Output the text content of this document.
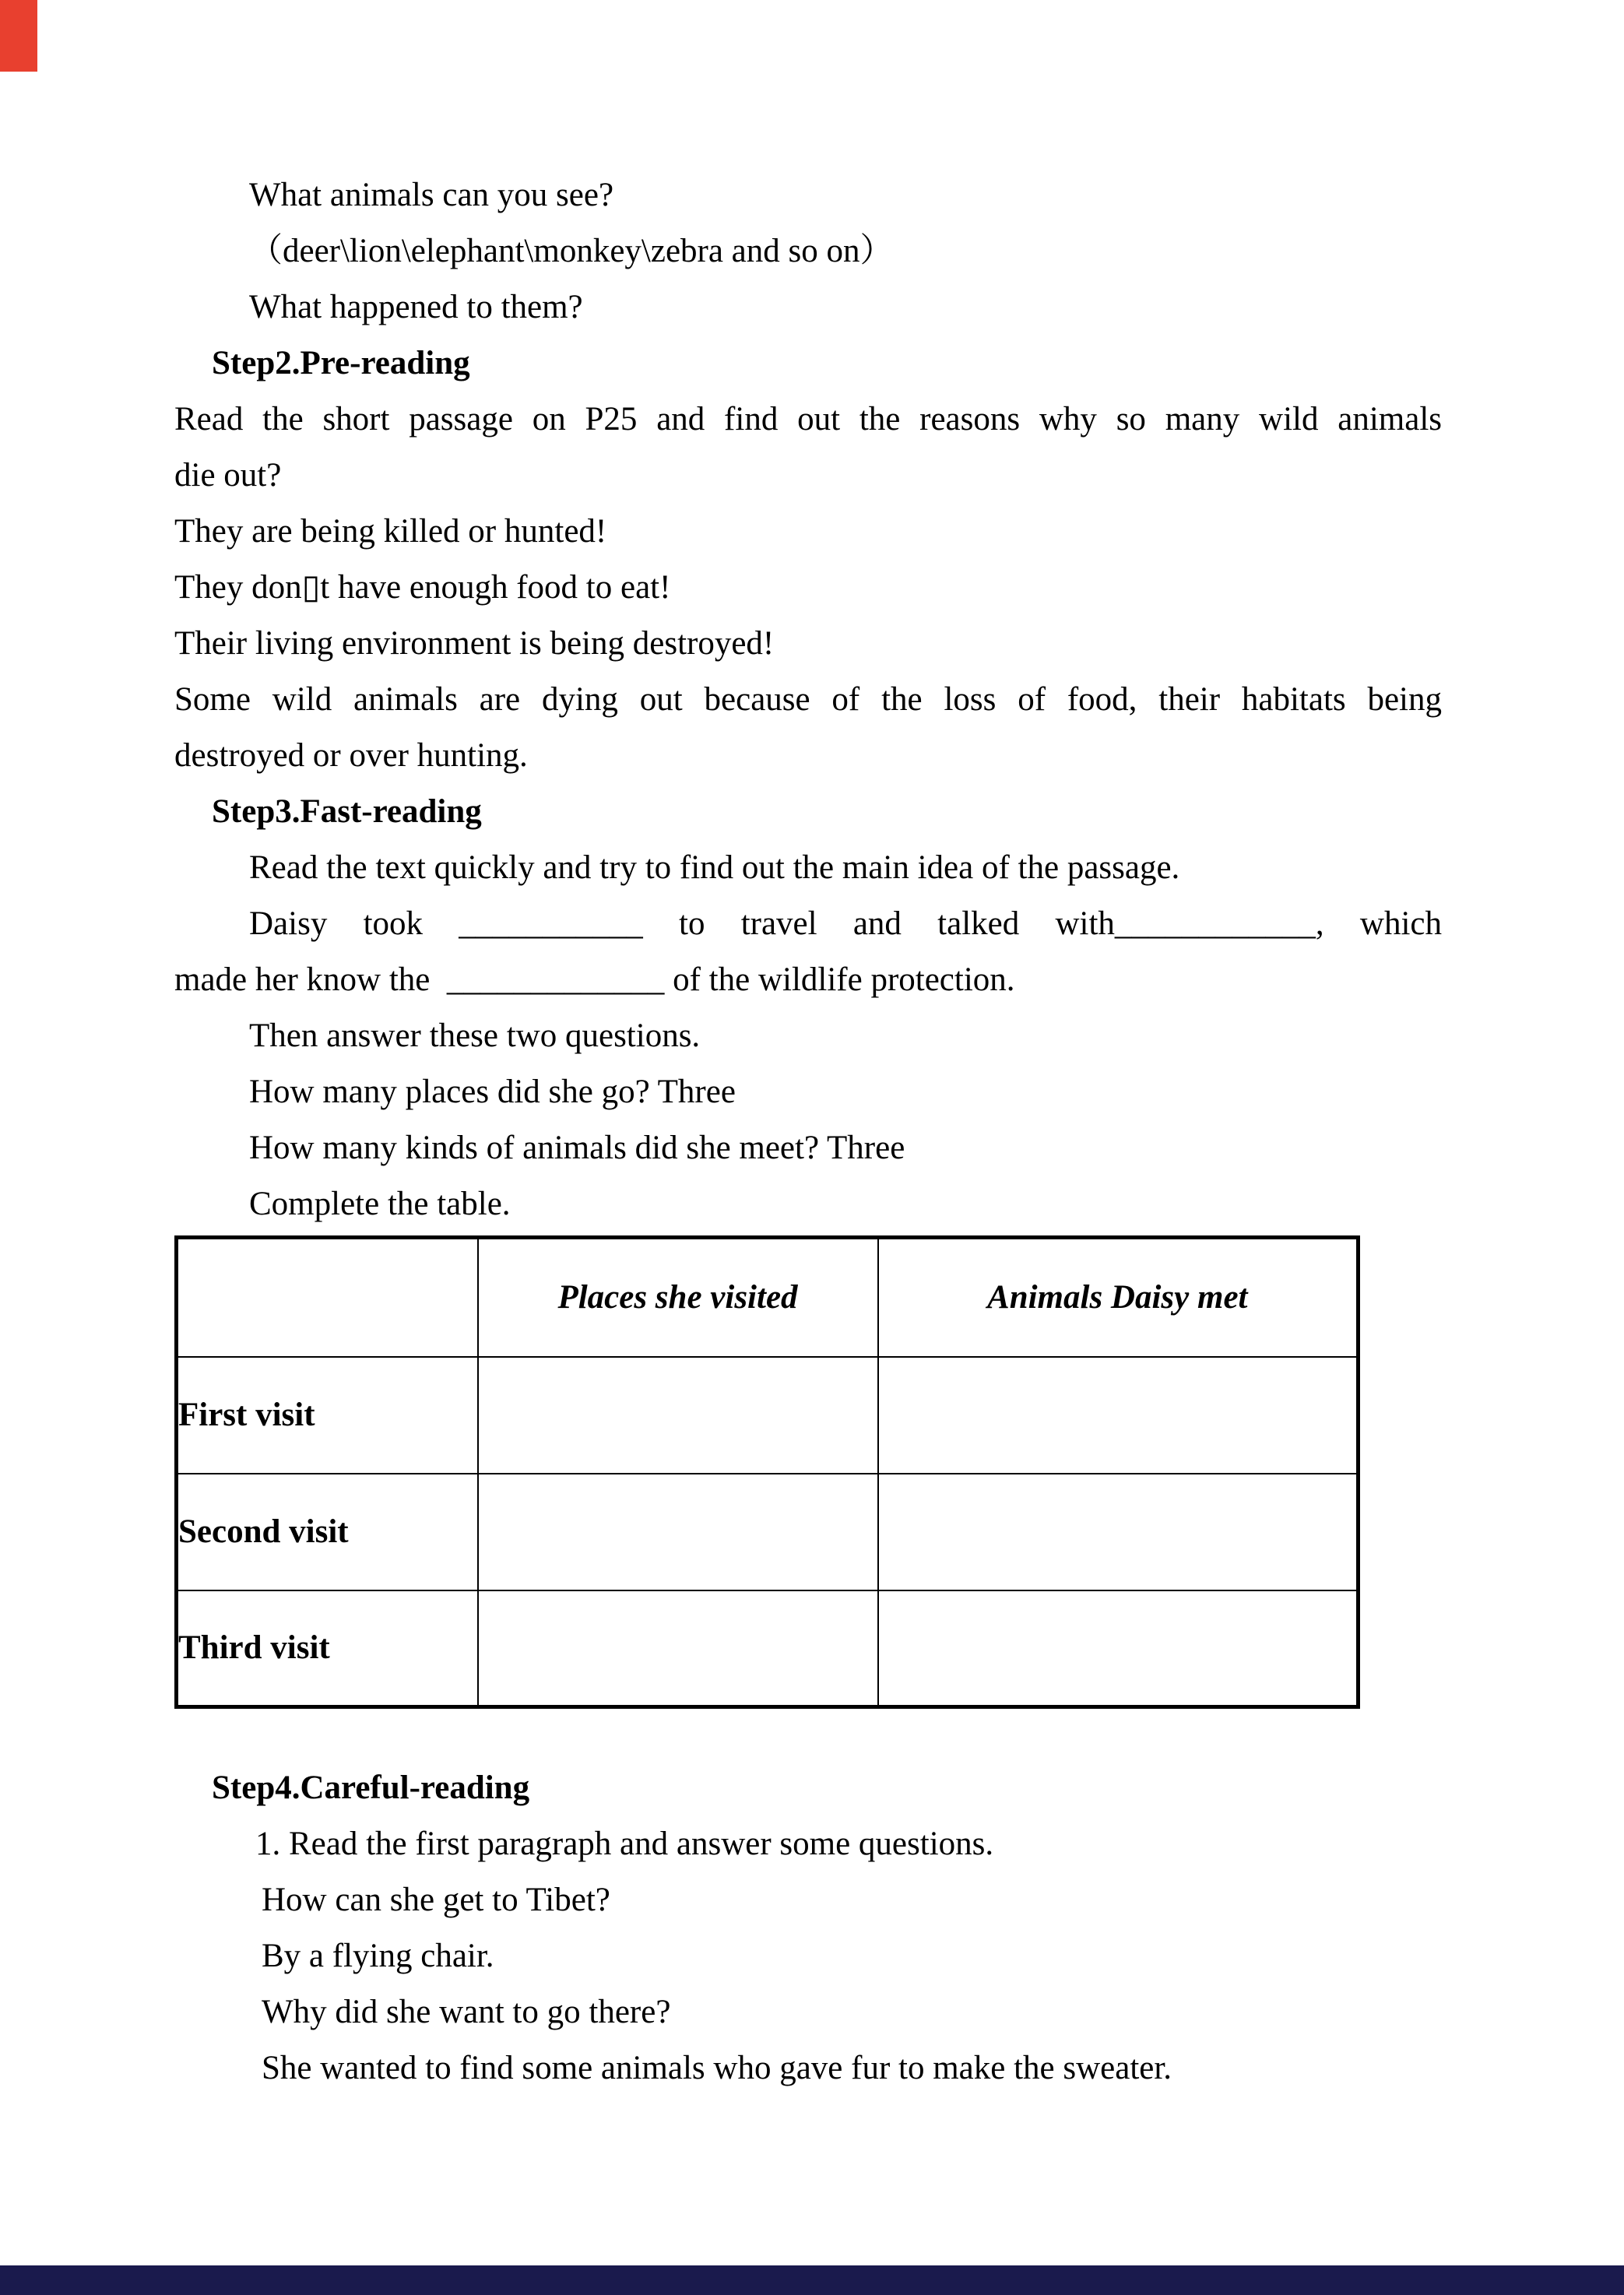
What animals can you see?
（deer\lion\elephant\monkey\zebra and so on）
What happened to them?
Step2.Pre-reading
Read the short passage on P25 and find out the reasons why so many wild animals
die out?
They are being killed or hunted!
They don▯t have enough food to eat!
Their living environment is being destroyed!
Some wild animals are dying out because of the loss of food, their habitats being
destroyed or over hunting.
Step3.Fast-reading
Read the text quickly and try to find out the main idea of the passage.
Daisy took ___________ to travel and talked with____________, which
made her know the  _____________ of the wildlife protection.
Then answer these two questions.
How many places did she go? Three
How many kinds of animals did she meet? Three
Complete the table.
	Places she visited	Animals Daisy met
First visit		
Second visit		
Third visit		
Step4.Careful-reading
1. Read the first paragraph and answer some questions.
How can she get to Tibet?
By a flying chair.
Why did she want to go there?
She wanted to find some animals who gave fur to make the sweater.
